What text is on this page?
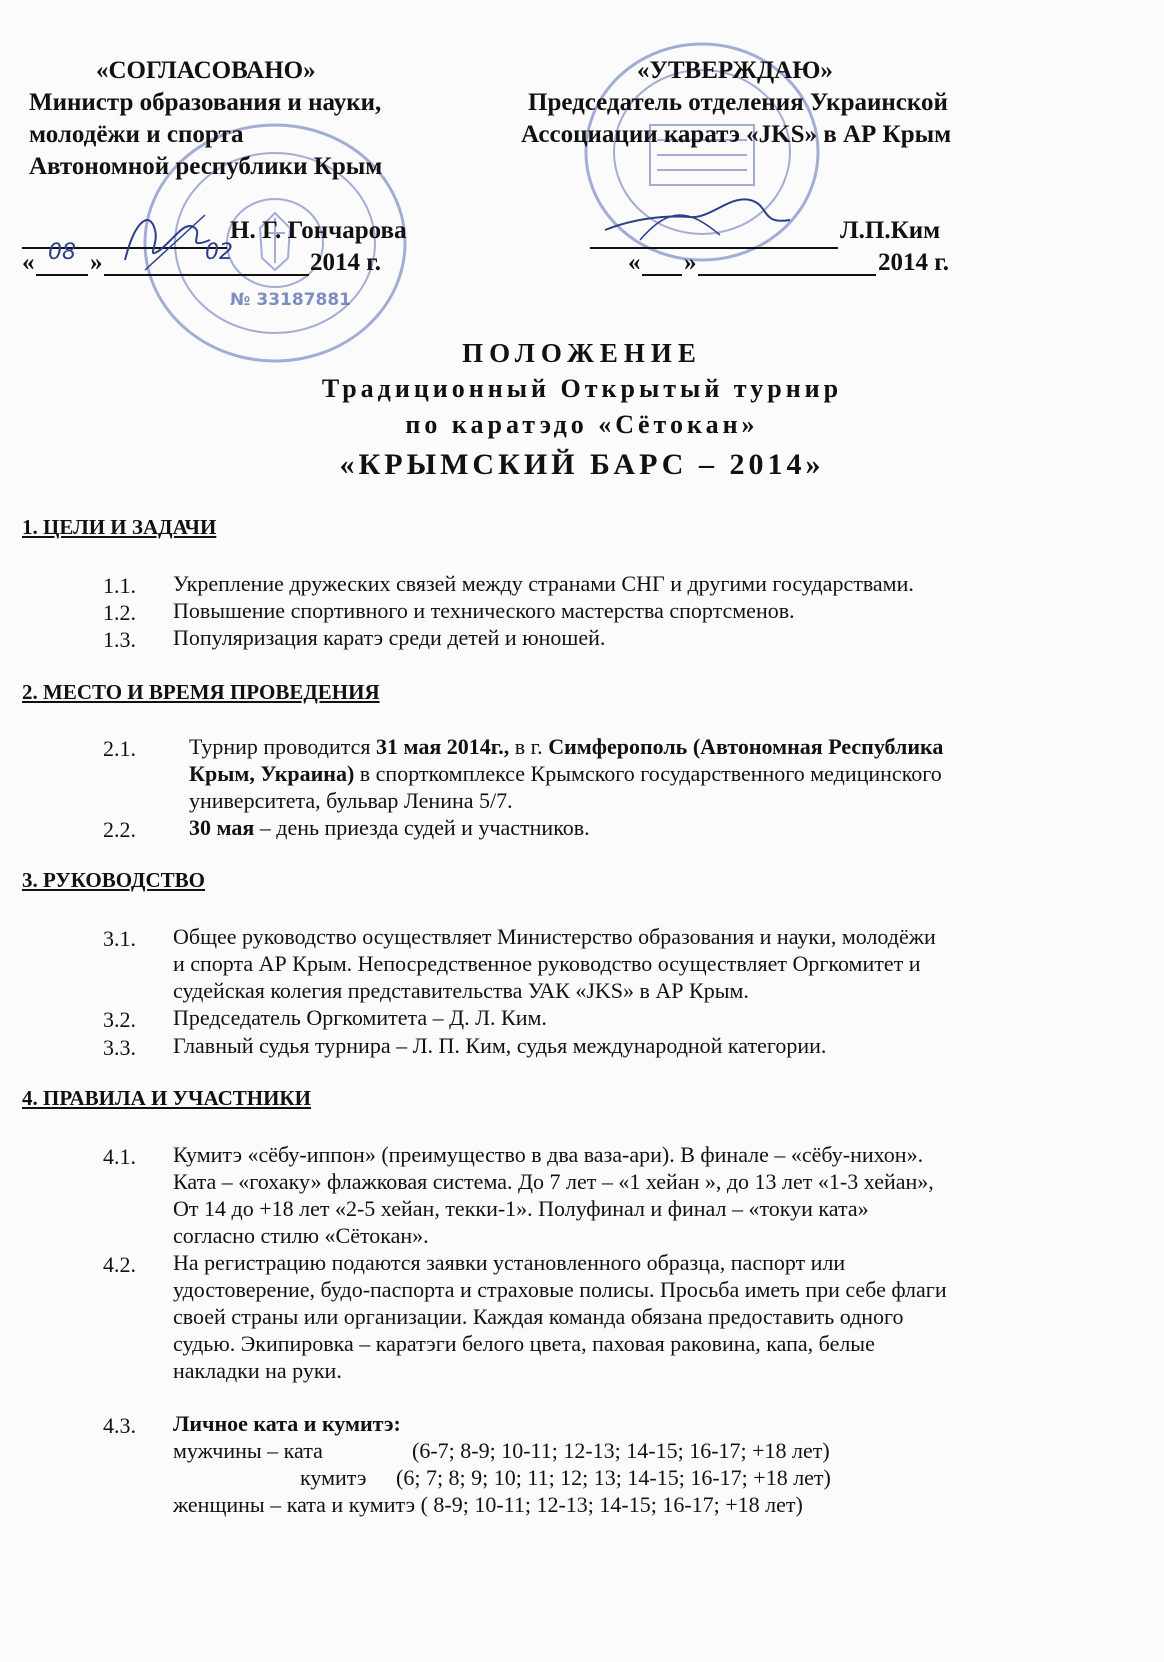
№ 33187881
«СОГЛАСОВАНО»
Министр образования и науки,
молодёжи и спорта
Автономной республики Крым
Н. Г. Гончарова
« 08 »	02	2014 г.
«УТВЕРЖДАЮ»
Председатель отделения Украинской
Ассоциации каратэ «JKS» в АР Крым
Л.П.Ким
« »	2014 г.
ПОЛОЖЕНИЕ
Традиционный Открытый турнир
по каратэдо «Сётокан»
«КРЫМСКИЙ БАРС – 2014»
1. ЦЕЛИ И ЗАДАЧИ
1.1. Укрепление дружеских связей между странами СНГ и другими государствами.
1.2. Повышение спортивного и технического мастерства спортсменов.
1.3. Популяризация каратэ среди детей и юношей.
2. МЕСТО И ВРЕМЯ ПРОВЕДЕНИЯ
2.1. Турнир проводится 31 мая 2014г., в г. Симферополь (Автономная Республика
Крым, Украина) в спорткомплексе Крымского государственного медицинского
университета, бульвар Ленина 5/7.
2.2. 30 мая – день приезда судей и участников.
3. РУКОВОДСТВО
3.1. Общее руководство осуществляет Министерство образования и науки, молодёжи
и спорта АР Крым. Непосредственное руководство осуществляет Оргкомитет и
судейская колегия представительства УАК «JKS» в АР Крым.
3.2. Председатель Оргкомитета – Д. Л. Ким.
3.3. Главный судья турнира – Л. П. Ким, судья международной категории.
4. ПРАВИЛА И УЧАСТНИКИ
4.1. Кумитэ «сёбу-иппон» (преимущество в два ваза-ари). В финале – «сёбу-нихон».
Ката – «гохаку» флажковая система. До 7 лет – «1 хейан », до 13 лет «1-3 хейан»,
От 14 до +18 лет «2-5 хейан, текки-1». Полуфинал и финал – «токуи ката»
согласно стилю «Сётокан».
4.2. На регистрацию подаются заявки установленного образца, паспорт или
удостоверение, будо-паспорта и страховые полисы. Просьба иметь при себе флаги
своей страны или организации. Каждая команда обязана предоставить одного
судью. Экипировка – каратэги белого цвета, паховая раковина, капа, белые
накладки на руки.
4.3. Личное ката и кумитэ:
мужчины – ката	(6-7; 8-9; 10-11; 12-13; 14-15; 16-17; +18 лет)
кумитэ (6; 7; 8; 9; 10; 11; 12; 13; 14-15; 16-17; +18 лет)
женщины – ката и кумитэ ( 8-9; 10-11; 12-13; 14-15; 16-17; +18 лет)
